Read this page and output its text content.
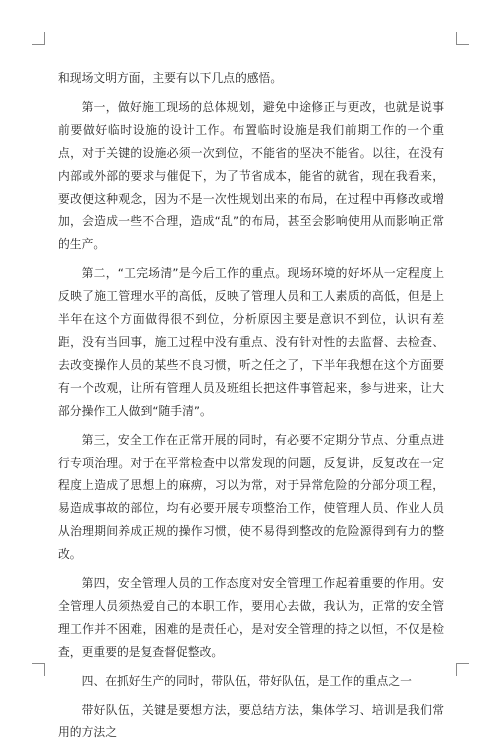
和现场文明方面，主要有以下几点的感悟。

第一，做好施工现场的总体规划，避免中途修正与更改，也就是说事前要做好临时设施的设计工作。布置临时设施是我们前期工作的一个重点，对于关键的设施必须一次到位，不能省的坚决不能省。以往，在没有内部或外部的要求与催促下，为了节省成本，能省的就省，现在我看来，要改便这种观念，因为不是一次性规划出来的布局，在过程中再修改或增加，会造成一些不合理，造成“乱”的布局，甚至会影响使用从而影响正常的生产。

第二，“工完场清”是今后工作的重点。现场环境的好坏从一定程度上反映了施工管理水平的高低，反映了管理人员和工人素质的高低，但是上半年在这个方面做得很不到位，分析原因主要是意识不到位，认识有差距，没有当回事，施工过程中没有重点、没有针对性的去监督、去检查、去改变操作人员的某些不良习惯，听之任之了，下半年我想在这个方面要有一个改观，让所有管理人员及班组长把这件事管起来，参与进来，让大部分操作工人做到“随手清”。

第三，安全工作在正常开展的同时，有必要不定期分节点、分重点进行专项治理。对于在平常检查中以常发现的问题，反复讲，反复改在一定程度上造成了思想上的麻痹，习以为常，对于异常危险的分部分项工程，易造成事故的部位，均有必要开展专项整治工作，使管理人员、作业人员从治理期间养成正规的操作习惯，使不易得到整改的危险源得到有力的整改。

第四，安全管理人员的工作态度对安全管理工作起着重要的作用。安全管理人员须热爱自己的本职工作，要用心去做，我认为，正常的安全管理工作并不困难，困难的是责任心，是对安全管理的持之以恒，不仅是检查，更重要的是复查督促整改。

四、在抓好生产的同时，带队伍，带好队伍，是工作的重点之一

带好队伍，关键是要想方法，要总结方法，集体学习、培训是我们常用的方法之
